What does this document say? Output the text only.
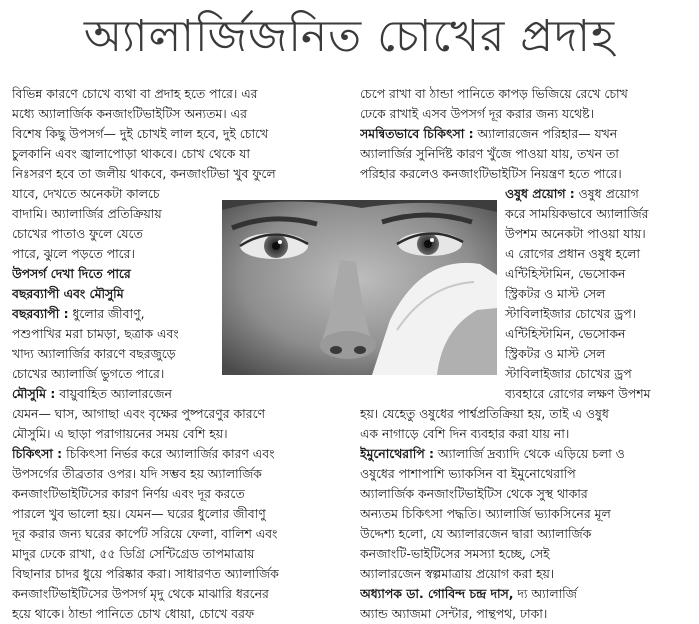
অ্যালার্জিজনিত চোখের প্রদাহ
বিভিন্ন কারণে চোখে ব্যথা বা প্রদাহ হতে পারে। এর
মধ্যে অ্যালার্জিক কনজাংটিভাইটিস অন্যতম। এর
বিশেষ কিছু উপসর্গ— দুই চোখই লাল হবে, দুই চোখে
চুলকানি এবং জ্বালাপোড়া থাকবে। চোখ থেকে যা
নিঃসরণ হবে তা জলীয় থাকবে, কনজাংটিভা খুব ফুলে
যাবে, দেখতে অনেকটা কালচে
বাদামি। অ্যালার্জির প্রতিক্রিয়ায়
চোখের পাতাও ফুলে যেতে
পারে, ঝুলে পড়তে পারে।
উপসর্গ দেখা দিতে পারে
বছরব্যাপী এবং মৌসুমি
বছরব্যাপী : ধুলোর জীবাণু,
পশুপাখির মরা চামড়া, ছত্রাক এবং
খাদ্য অ্যালার্জির কারণে বছরজুড়ে
চোখের অ্যালার্জি ভুগতে পারে।
মৌসুমি : বায়ুবাহিত অ্যালারজেন
যেমন— ঘাস, আগাছা এবং বৃক্ষের পুষ্পরেণুর কারণে
মৌসুমি। এ ছাড়া পরাগায়নের সময় বেশি হয়।
চিকিৎসা : চিকিৎসা নির্ভর করে অ্যালার্জির কারণ এবং
উপসর্গের তীব্রতার ওপর। যদি সম্ভব হয় অ্যালার্জিক
কনজাংটিভাইটিসের কারণ নির্ণয় এবং দূর করতে
পারলে খুব ভালো হয়। যেমন— ঘরের ধুলোর জীবাণু
দূর করার জন্য ঘরের কার্পেট সরিয়ে ফেলা, বালিশ এবং
মাদুর ঢেকে রাখা, ৫৫ ডিগ্রি সেন্টিগ্রেড তাপমাত্রায়
বিছানার চাদর ধুয়ে পরিষ্কার করা। সাধারণত অ্যালার্জিক
কনজাংটিভাইটিসের উপসর্গ মৃদু থেকে মাঝারি ধরনের
হয়ে থাকে। ঠান্ডা পানিতে চোখ ধোয়া, চোখে বরফ
চেপে রাখা বা ঠান্ডা পানিতে কাপড় ভিজিয়ে রেখে চোখ
ঢেকে রাখাই এসব উপসর্গ দূর করার জন্য যথেষ্ট।
সমন্বিতভাবে চিকিৎসা : অ্যালারজেন পরিহার— যখন
অ্যালার্জির সুনির্দিষ্ট কারণ খুঁজে পাওয়া যায়, তখন তা
পরিহার করলেও কনজাংটিভাইটিস নিয়ন্ত্রণ হতে পারে।
ওষুধ প্রয়োগ : ওষুধ প্রয়োগ
করে সাময়িকভাবে অ্যালার্জির
উপশম অনেকটা পাওয়া যায়।
এ রোগের প্রধান ওষুধ হলো
এন্টিহিস্টামিন, ভেসোকন
স্ট্রিকটর ও মাস্ট সেল
স্টাবিলাইজার চোখের ড্রপ।
এন্টিহিস্টামিন, ভেসোকন
স্ট্রিকটর ও মাস্ট সেল
স্টাবিলাইজার চোখের ড্রপ
ব্যবহারে রোগের লক্ষণ উপশম
হয়। যেহেতু ওষুধের পার্শ্বপ্রতিক্রিয়া হয়, তাই এ ওষুধ
এক নাগাড়ে বেশি দিন ব্যবহার করা যায় না।
ইমুনোথেরাপি : অ্যালার্জি দ্রব্যাদি থেকে এড়িয়ে চলা ও
ওষুধের পাশাপাশি ভ্যাকসিন বা ইমুনোথেরাপি
অ্যালার্জিক কনজাংটিভাইটিস থেকে সুস্থ থাকার
অন্যতম চিকিৎসা পদ্ধতি। অ্যালার্জি ভ্যাকসিনের মূল
উদ্দেশ্য হলো, যে অ্যালারজেন দ্বারা অ্যালার্জিক
কনজাংটি-ভাইটিসের সমস্যা হচ্ছে, সেই
অ্যালারজেন স্বল্পমাত্রায় প্রয়োগ করা হয়।
অধ্যাপক ডা. গোবিন্দ চন্দ্র দাস, দ্য অ্যালার্জি
অ্যান্ড অ্যাজমা সেন্টার, পান্থপথ, ঢাকা।
